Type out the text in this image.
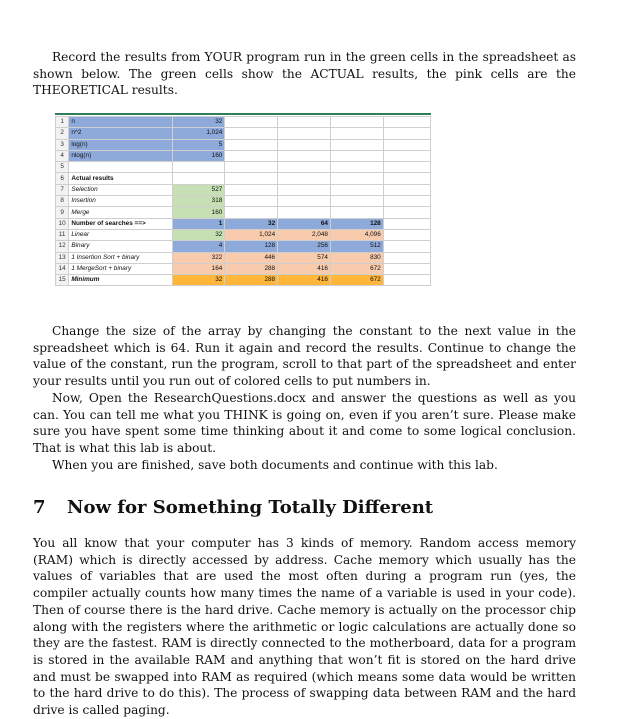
Record the results from YOUR program run in the green cells in the spreadsheet as shown below. The green cells show the ACTUAL results, the pink cells are the THEORETICAL results.

1	n	32				
2	n^2	1,024				
3	log(n)	5				
4	nlog(n)	160				
5						
6	Actual results					
7	Selection	527				
8	Insertion	318				
9	Merge	160				
10	Number of searches ==>	1	32	64	128	
11	Linear	32	1,024	2,048	4,096	
12	Binary	4	128	256	512	
13	1 Insertion Sort + binary	322	446	574	830	
14	1 MergeSort + binary	164	288	416	672	
15	Minimum	32	288	416	672	

Change the size of the array by changing the constant to the next value in the spreadsheet which is 64. Run it again and record the results. Continue to change the value of the constant, run the program, scroll to that part of the spreadsheet and enter your results until you run out of colored cells to put numbers in.

Now, Open the ResearchQuestions.docx and answer the questions as well as you can. You can tell me what you THINK is going on, even if you aren’t sure. Please make sure you have spent some time thinking about it and come to some logical conclusion. That is what this lab is about.

When you are finished, save both documents and continue with this lab.

7 Now for Something Totally Different

You all know that your computer has 3 kinds of memory. Random access memory (RAM) which is directly accessed by address. Cache memory which usually has the values of variables that are used the most often during a program run (yes, the compiler actually counts how many times the name of a variable is used in your code). Then of course there is the hard drive. Cache memory is actually on the processor chip along with the registers where the arithmetic or logic calculations are actually done so they are the fastest. RAM is directly connected to the motherboard, data for a program is stored in the available RAM and anything that won’t fit is stored on the hard drive and must be swapped into RAM as required (which means some data would be written to the hard drive to do this). The process of swapping data between RAM and the hard drive is called paging.
